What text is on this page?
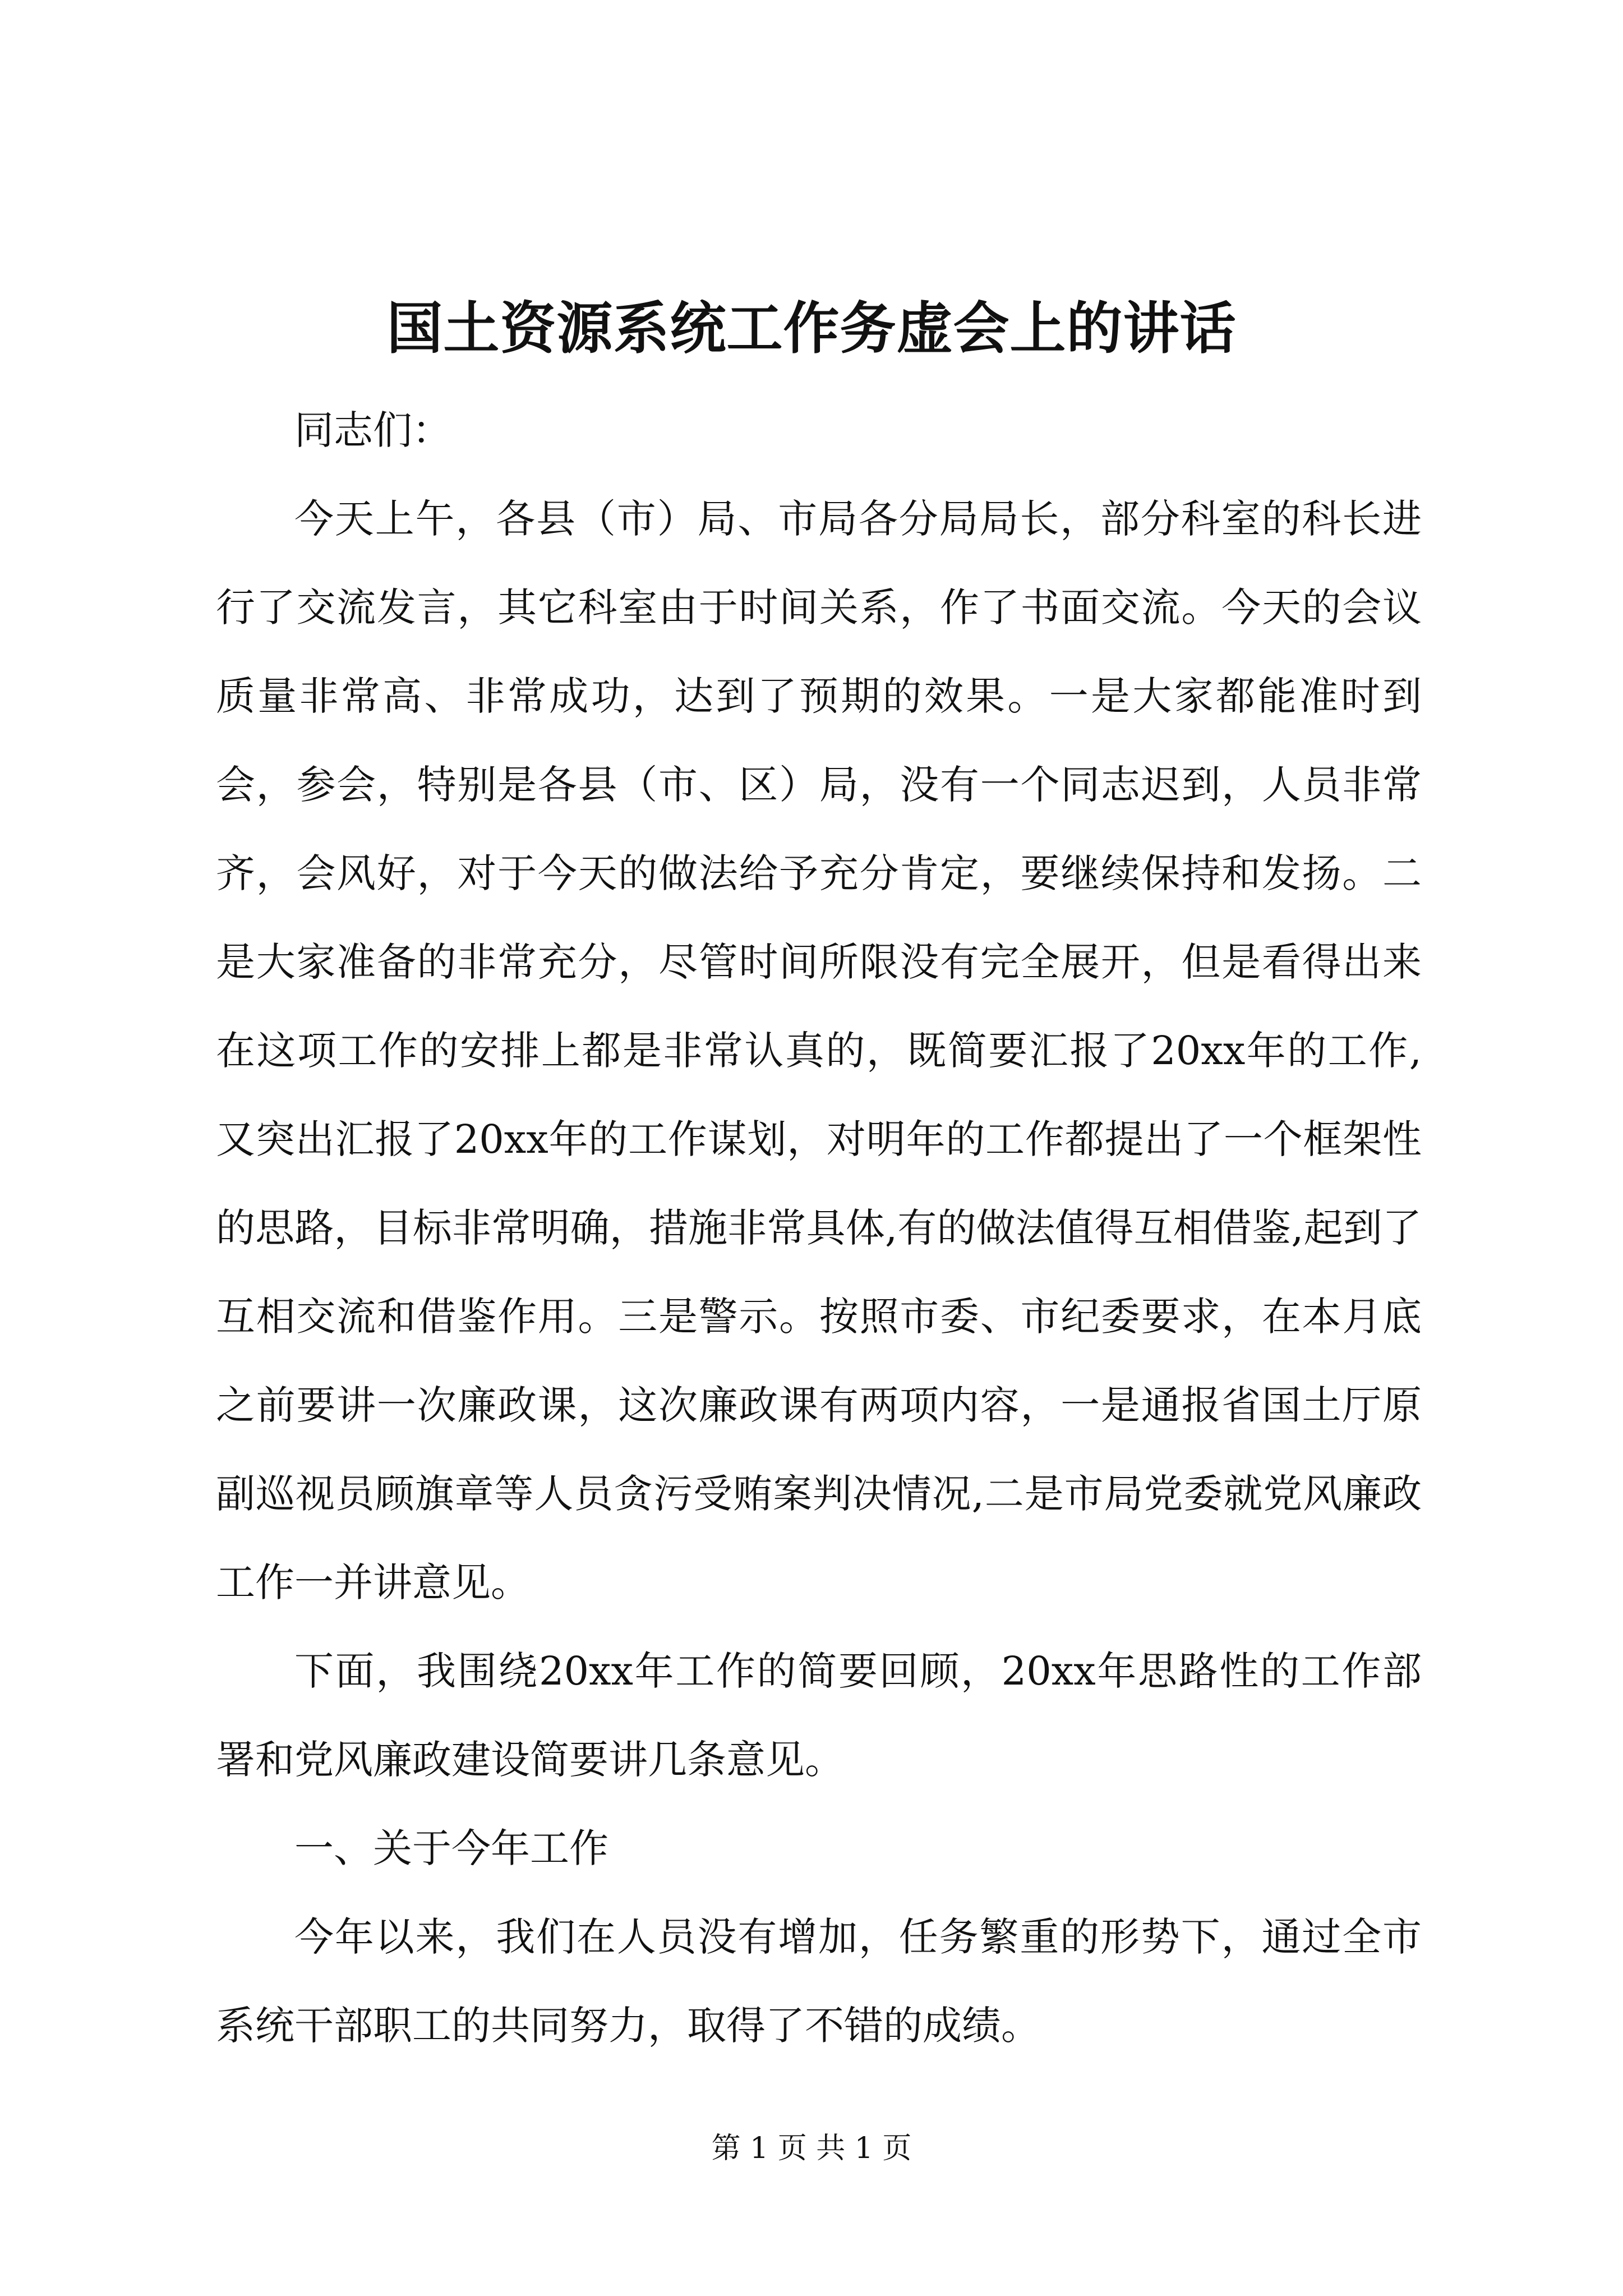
国土资源系统工作务虚会上的讲话

同志们：

今天上午，各县（市）局、市局各分局局长，部分科室的科长进行了交流发言，其它科室由于时间关系，作了书面交流。今天的会议质量非常高、非常成功，达到了预期的效果。一是大家都能准时到会，参会，特别是各县（市、区）局，没有一个同志迟到，人员非常齐，会风好，对于今天的做法给予充分肯定，要继续保持和发扬。二是大家准备的非常充分，尽管时间所限没有完全展开，但是看得出来在这项工作的安排上都是非常认真的，既简要汇报了20xx年的工作,又突出汇报了20xx年的工作谋划，对明年的工作都提出了一个框架性的思路，目标非常明确，措施非常具体,有的做法值得互相借鉴,起到了互相交流和借鉴作用。三是警示。按照市委、市纪委要求，在本月底之前要讲一次廉政课，这次廉政课有两项内容，一是通报省国土厅原副巡视员顾旗章等人员贪污受贿案判决情况,二是市局党委就党风廉政工作一并讲意见。

下面，我围绕20xx年工作的简要回顾，20xx年思路性的工作部署和党风廉政建设简要讲几条意见。

一、关于今年工作

今年以来，我们在人员没有增加，任务繁重的形势下，通过全市系统干部职工的共同努力，取得了不错的成绩。

第 1 页 共 1 页
